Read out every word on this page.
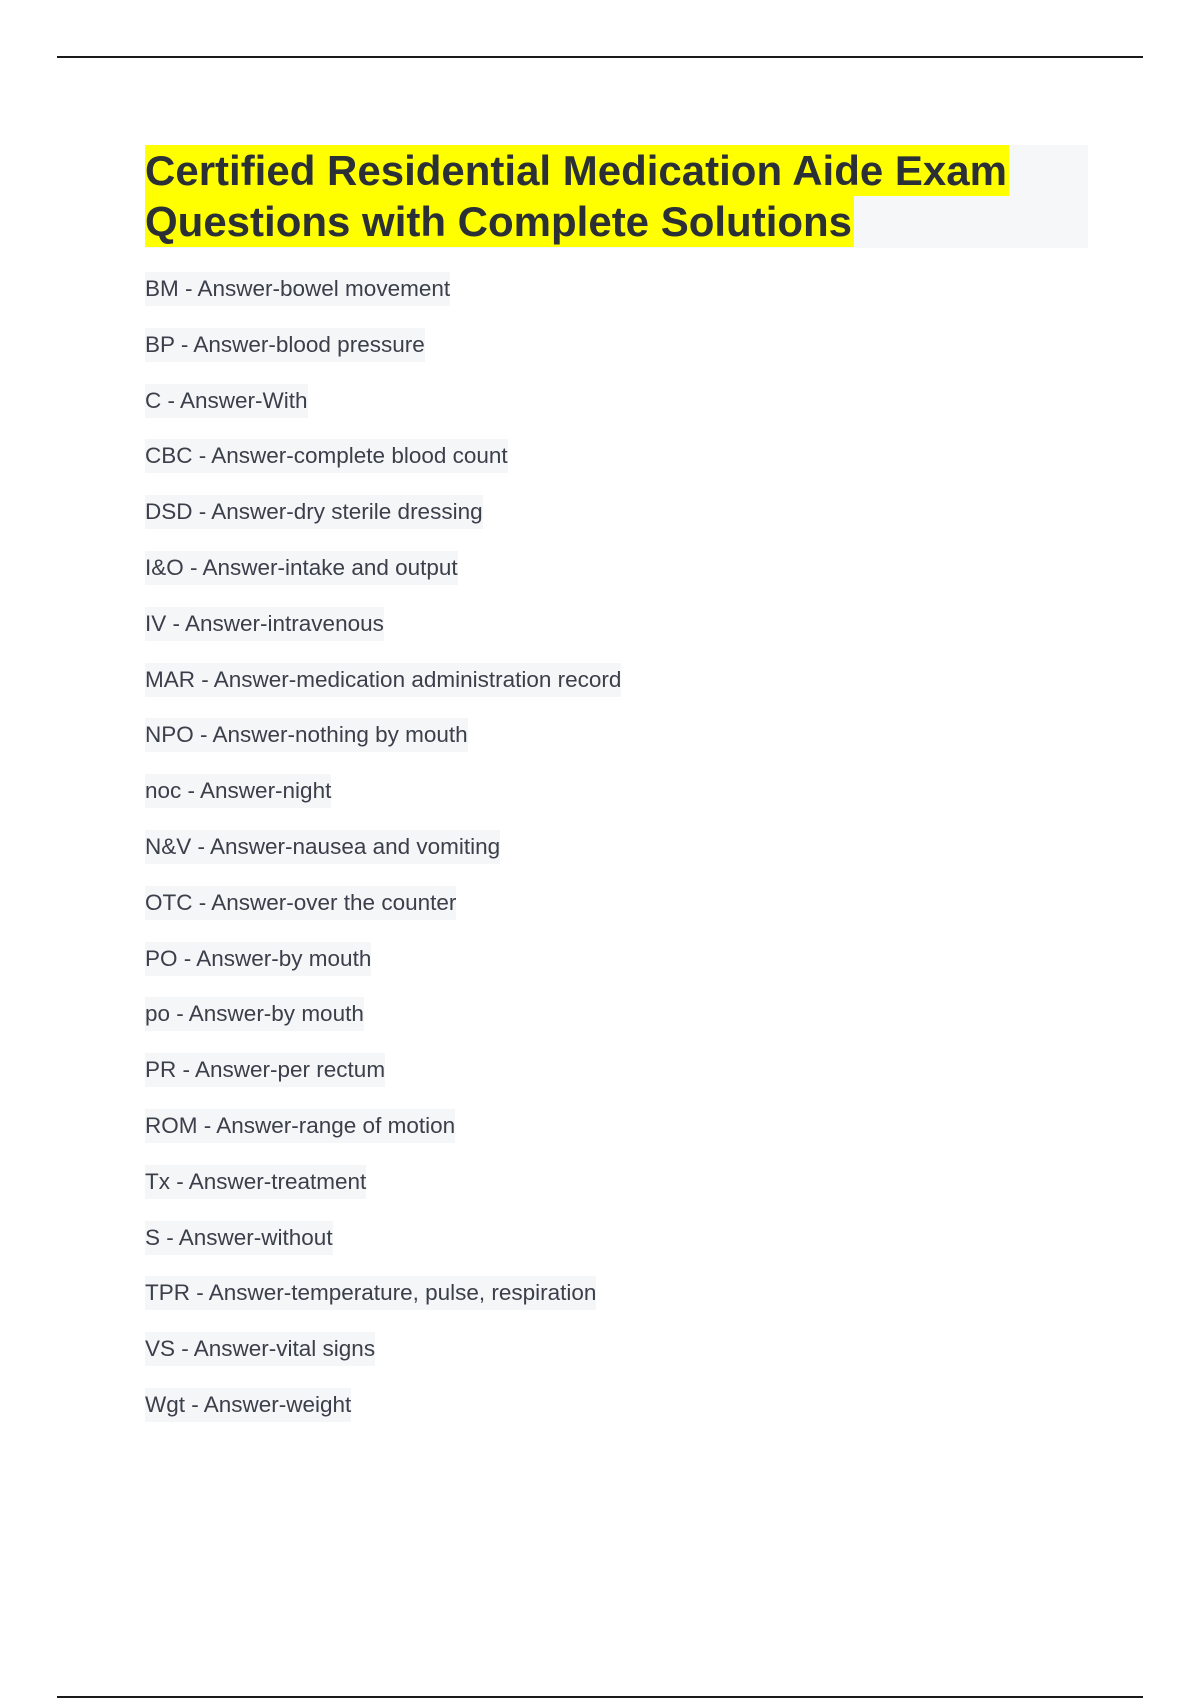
Certified Residential Medication Aide Exam
Questions with Complete Solutions
BM - Answer-bowel movement
BP - Answer-blood pressure
C - Answer-With
CBC - Answer-complete blood count
DSD - Answer-dry sterile dressing
I&O - Answer-intake and output
IV - Answer-intravenous
MAR - Answer-medication administration record
NPO - Answer-nothing by mouth
noc - Answer-night
N&V - Answer-nausea and vomiting
OTC - Answer-over the counter
PO - Answer-by mouth
po - Answer-by mouth
PR - Answer-per rectum
ROM - Answer-range of motion
Tx - Answer-treatment
S - Answer-without
TPR - Answer-temperature, pulse, respiration
VS - Answer-vital signs
Wgt - Answer-weight
